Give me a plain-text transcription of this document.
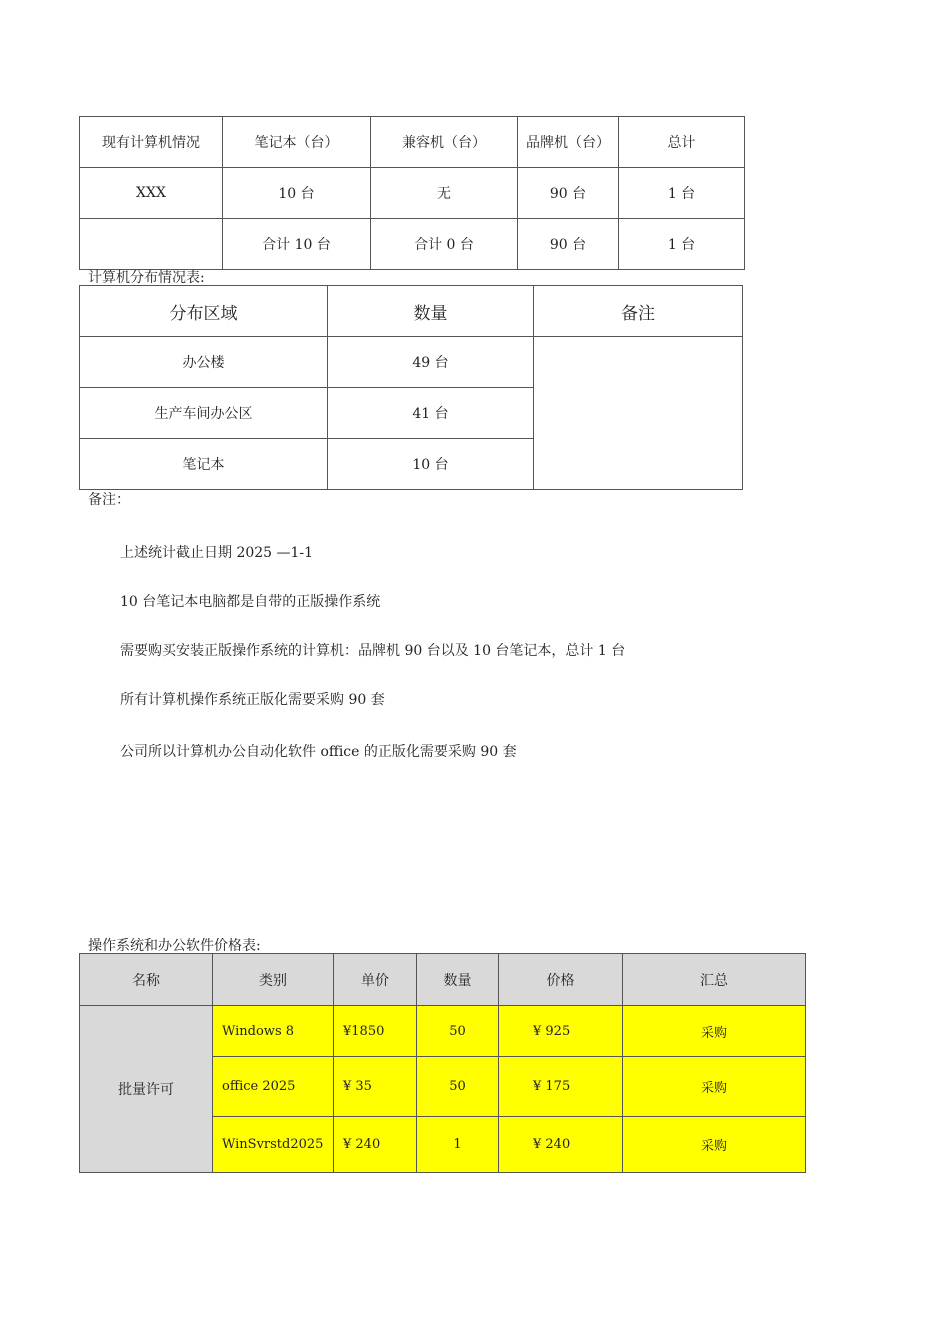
现有计算机情况	笔记本（台）	兼容机（台）	品牌机（台）	总计
XXX	10 台	无	90 台	1 台
	合计 10 台	合计 0 台	90 台	1 台
计算机分布情况表:
分布区域	数量	备注
办公楼	49 台	
生产车间办公区	41 台	
笔记本	10 台	
备注：
上述统计截止日期 2025 —1-1
10 台笔记本电脑都是自带的正版操作系统
需要购买安装正版操作系统的计算机：品牌机 90 台以及 10 台笔记本，总计 1 台
所有计算机操作系统正版化需要采购 90 套
公司所以计算机办公自动化软件 office 的正版化需要采购 90 套
操作系统和办公软件价格表:
名称	类别	单价	数量	价格	汇总
批量许可	Windows 8	¥1850	50	¥ 925	采购
	office 2025	¥ 35	50	¥ 175	采购
	WinSvrstd2025	¥ 240	1	¥ 240	采购
